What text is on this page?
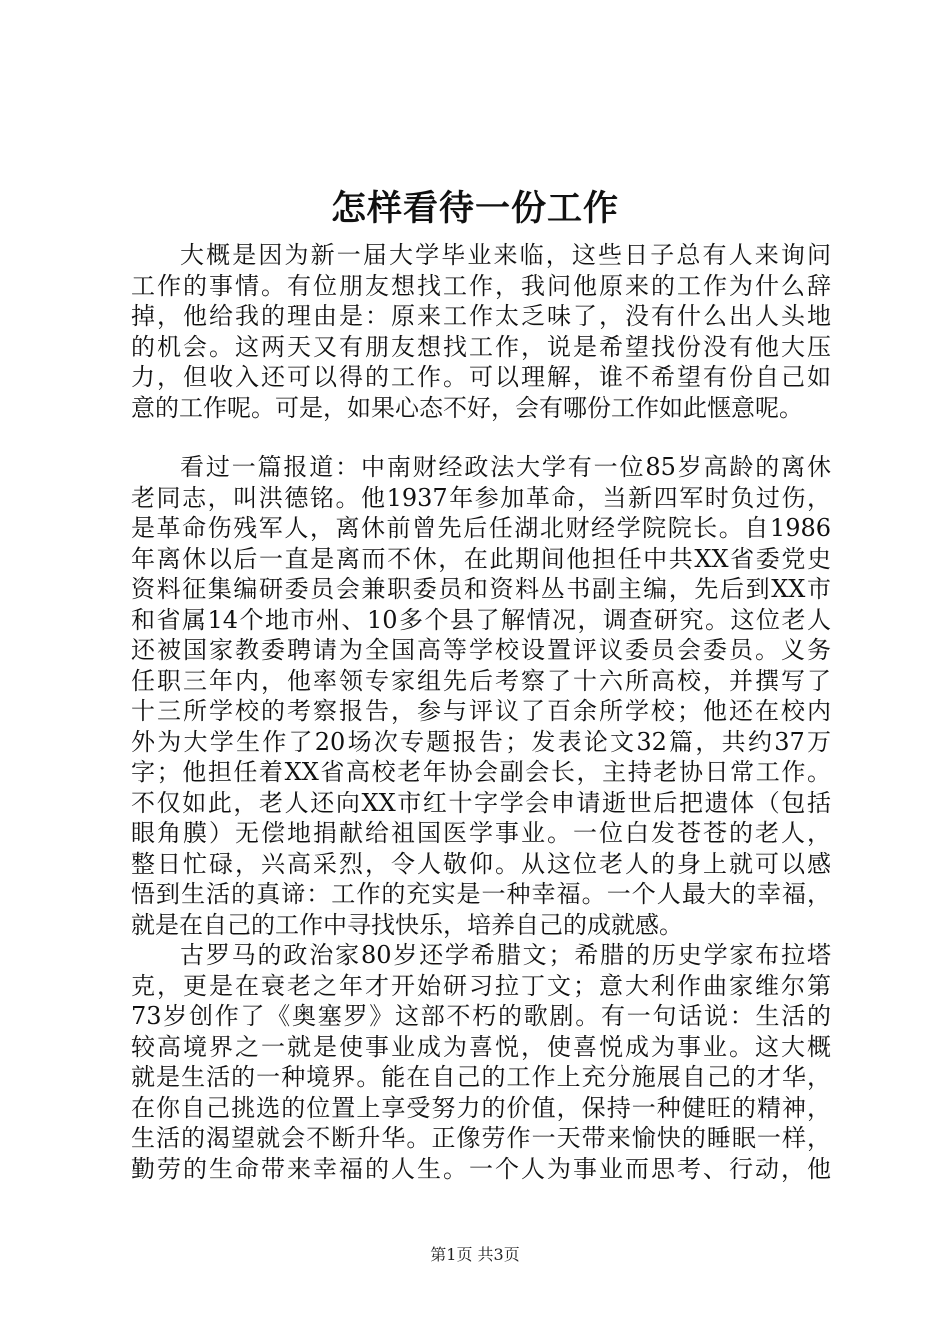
怎样看待一份工作
大概是因为新一届大学毕业来临，这些日子总有人来询问
工作的事情。有位朋友想找工作，我问他原来的工作为什么辞
掉，他给我的理由是：原来工作太乏味了，没有什么出人头地
的机会。这两天又有朋友想找工作，说是希望找份没有他大压
力，但收入还可以得的工作。可以理解，谁不希望有份自己如
意的工作呢。可是，如果心态不好，会有哪份工作如此惬意呢。
看过一篇报道：中南财经政法大学有一位85岁高龄的离休
老同志，叫洪德铭。他1937年参加革命，当新四军时负过伤，
是革命伤残军人，离休前曾先后任湖北财经学院院长。自1986
年离休以后一直是离而不休，在此期间他担任中共XX省委党史
资料征集编研委员会兼职委员和资料丛书副主编，先后到XX市
和省属14个地市州、10多个县了解情况，调查研究。这位老人
还被国家教委聘请为全国高等学校设置评议委员会委员。义务
任职三年内，他率领专家组先后考察了十六所高校，并撰写了
十三所学校的考察报告，参与评议了百余所学校；他还在校内
外为大学生作了20场次专题报告；发表论文32篇，共约37万
字；他担任着XX省高校老年协会副会长，主持老协日常工作。
不仅如此，老人还向XX市红十字学会申请逝世后把遗体（包括
眼角膜）无偿地捐献给祖国医学事业。一位白发苍苍的老人，
整日忙碌，兴高采烈，令人敬仰。从这位老人的身上就可以感
悟到生活的真谛：工作的充实是一种幸福。一个人最大的幸福，
就是在自己的工作中寻找快乐，培养自己的成就感。
古罗马的政治家80岁还学希腊文；希腊的历史学家布拉塔
克，更是在衰老之年才开始研习拉丁文；意大利作曲家维尔第
73岁创作了《奥塞罗》这部不朽的歌剧。有一句话说：生活的
较高境界之一就是使事业成为喜悦，使喜悦成为事业。这大概
就是生活的一种境界。能在自己的工作上充分施展自己的才华，
在你自己挑选的位置上享受努力的价值，保持一种健旺的精神，
生活的渴望就会不断升华。正像劳作一天带来愉快的睡眠一样，
勤劳的生命带来幸福的人生。一个人为事业而思考、行动，他
第1页 共3页
